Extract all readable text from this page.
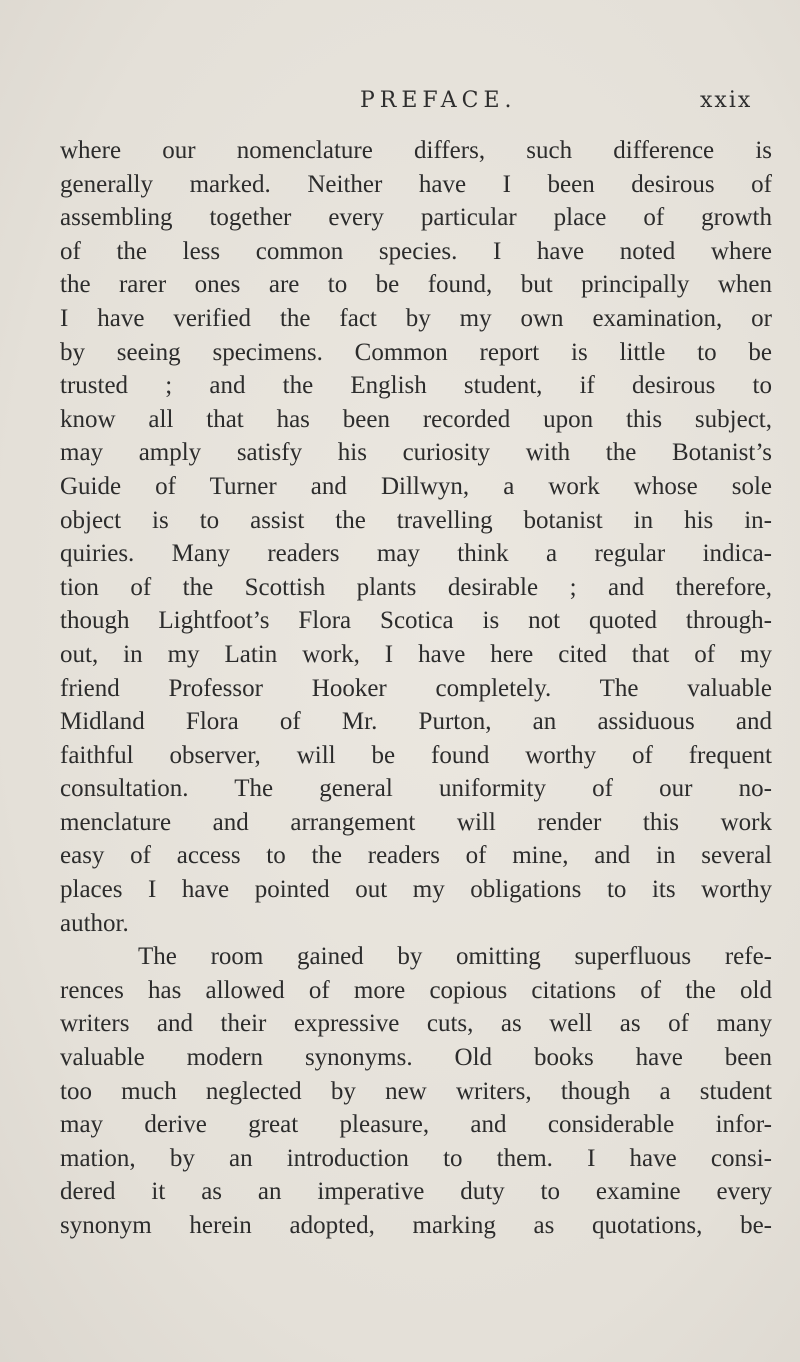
PREFACE.	xxix
where our nomenclature differs, such difference is
generally marked. Neither have I been desirous of
assembling together every particular place of growth
of the less common species. I have noted where
the rarer ones are to be found, but principally when
I have verified the fact by my own examination, or
by seeing specimens. Common report is little to be
trusted ; and the English student, if desirous to
know all that has been recorded upon this subject,
may amply satisfy his curiosity with the Botanist’s
Guide of Turner and Dillwyn, a work whose sole
object is to assist the travelling botanist in his in-
quiries. Many readers may think a regular indica-
tion of the Scottish plants desirable ; and therefore,
though Lightfoot’s Flora Scotica is not quoted through-
out, in my Latin work, I have here cited that of my
friend Professor Hooker completely. The valuable
Midland Flora of Mr. Purton, an assiduous and
faithful observer, will be found worthy of frequent
consultation. The general uniformity of our no-
menclature and arrangement will render this work
easy of access to the readers of mine, and in several
places I have pointed out my obligations to its worthy
author.
The room gained by omitting superfluous refe-
rences has allowed of more copious citations of the old
writers and their expressive cuts, as well as of many
valuable modern synonyms. Old books have been
too much neglected by new writers, though a student
may derive great pleasure, and considerable infor-
mation, by an introduction to them. I have consi-
dered it as an imperative duty to examine every
synonym herein adopted, marking as quotations, be-
